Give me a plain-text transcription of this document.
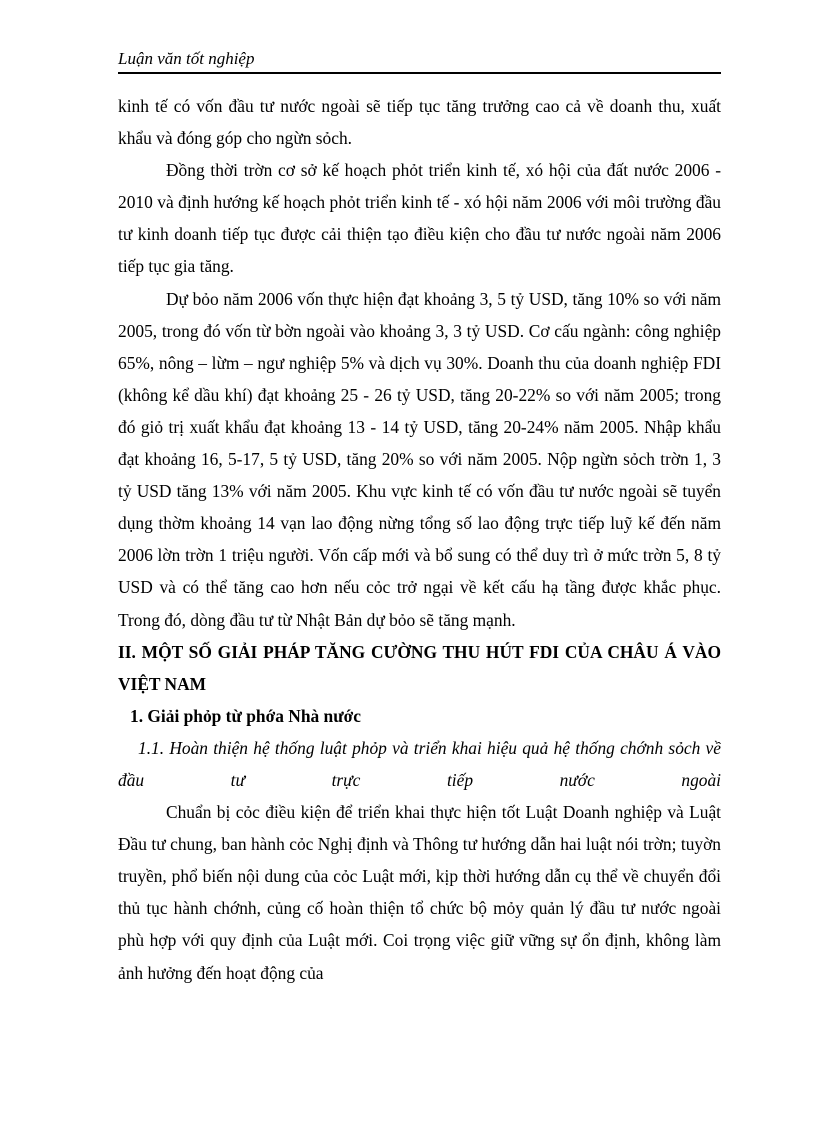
Luận văn tốt nghiệp

kinh tế có vốn đầu tư nước ngoài sẽ tiếp tục tăng trưởng cao cả về doanh thu, xuất khẩu và đóng góp cho ngừn sỏch.

Đồng thời trờn cơ sở kế hoạch phỏt triển kinh tế, xó hội của đất nước 2006 - 2010 và định hướng kế hoạch phỏt triển kinh tế - xó hội năm 2006 với môi trường đầu tư kinh doanh tiếp tục được cải thiện tạo điều kiện cho đầu tư nước ngoài năm 2006 tiếp tục gia tăng.

Dự bỏo năm 2006 vốn thực hiện đạt khoảng 3, 5 tỷ USD, tăng 10% so với năm 2005, trong đó vốn từ bờn ngoài vào khoảng 3, 3 tỷ USD. Cơ cấu ngành: công nghiệp 65%, nông – lừm – ngư nghiệp 5% và dịch vụ 30%. Doanh thu của doanh nghiệp FDI (không kể dầu khí) đạt khoảng 25 - 26 tỷ USD, tăng 20-22% so với năm 2005; trong đó giỏ trị xuất khẩu đạt khoảng 13 - 14 tỷ USD, tăng 20-24% năm 2005. Nhập khẩu đạt khoảng 16, 5-17, 5 tỷ USD, tăng 20% so với năm 2005. Nộp ngừn sỏch trờn 1, 3 tỷ USD tăng 13% với năm 2005. Khu vực kinh tế có vốn đầu tư nước ngoài sẽ tuyển dụng thờm khoảng 14 vạn lao động nừng tổng số lao động trực tiếp luỹ kế đến năm 2006 lờn trờn 1 triệu người. Vốn cấp mới và bổ sung có thể duy trì ở mức trờn 5, 8 tỷ USD và có thể tăng cao hơn nếu cỏc trở ngại về kết cấu hạ tầng được khắc phục. Trong đó, dòng đầu tư từ Nhật Bản dự bỏo sẽ tăng mạnh.

II. MỘT SỐ GIẢI PHÁP TĂNG CƯỜNG THU HÚT FDI CỦA CHÂU Á VÀO VIỆT NAM

1. Giải phỏp từ phớa Nhà nước

1.1. Hoàn thiện hệ thống luật phỏp và triển khai hiệu quả hệ thống chớnh sỏch về đầu tư trực tiếp nước ngoài

Chuẩn bị cỏc điều kiện để triển khai thực hiện tốt Luật Doanh nghiệp và Luật Đầu tư chung, ban hành cỏc Nghị định và Thông tư hướng dẫn hai luật nói trờn; tuyờn truyền, phổ biến nội dung của cỏc Luật mới, kịp thời hướng dẫn cụ thể về chuyển đổi thủ tục hành chớnh, củng cố hoàn thiện tổ chức bộ mỏy quản lý đầu tư nước ngoài phù hợp với quy định của Luật mới. Coi trọng việc giữ vững sự ổn định, không làm ảnh hưởng đến hoạt động của
